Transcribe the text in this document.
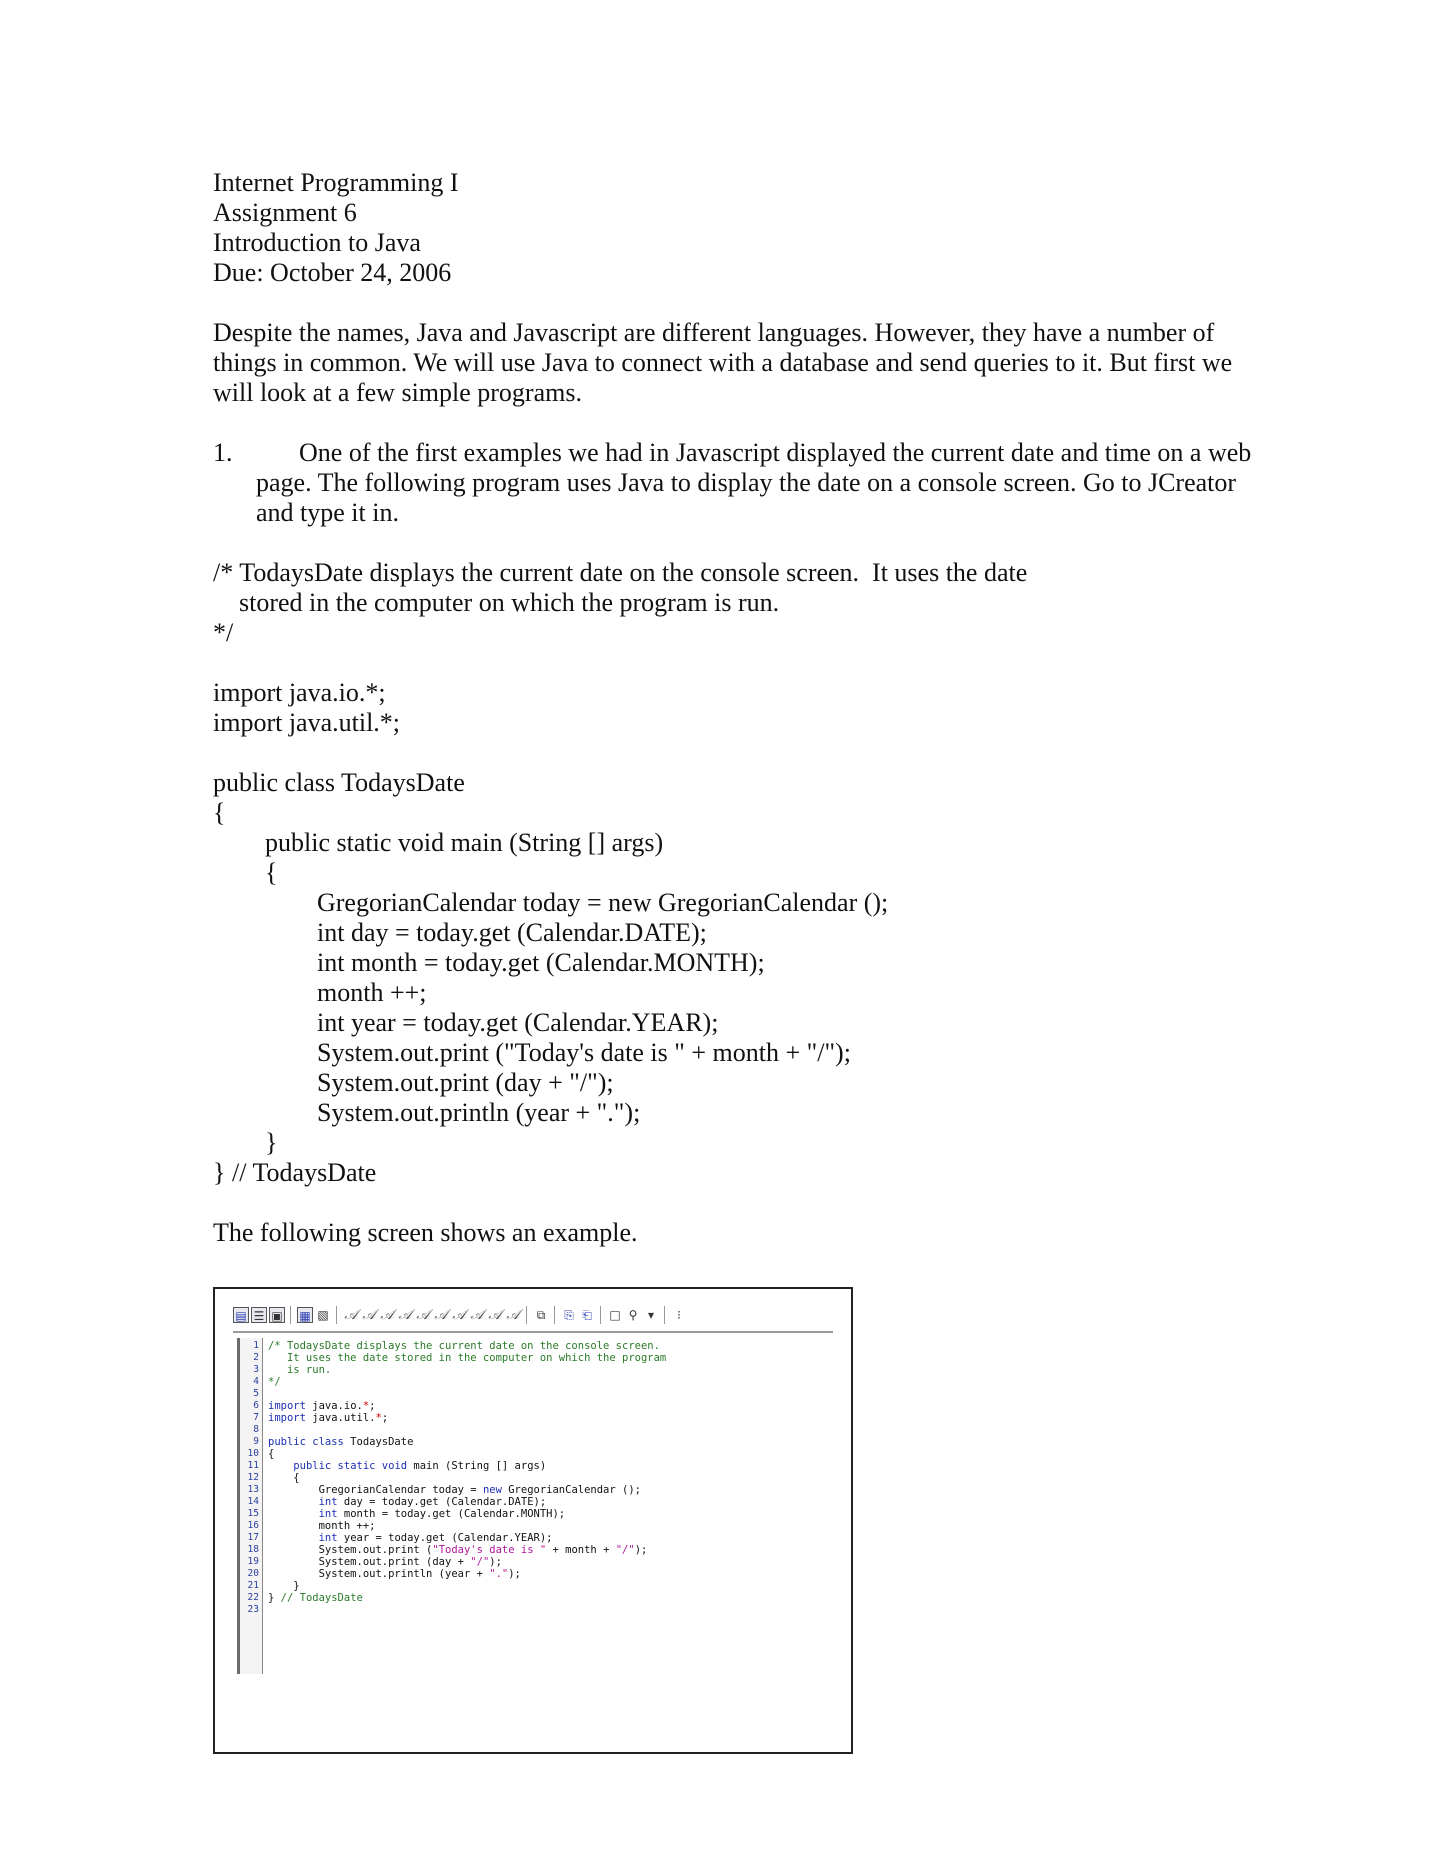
Internet Programming I
Assignment 6
Introduction to Java
Due: October 24, 2006
Despite the names, Java and Javascript are different languages. However, they have a number of things in common. We will use Java to connect with a database and send queries to it. But first we will look at a few simple programs.
1.	One of the first examples we had in Javascript displayed the current date and time on a web page. The following program uses Java to display the date on a console screen. Go to JCreator and type it in.
/* TodaysDate displays the current date on the console screen.  It uses the date
stored in the computer on which the program is run.
*/
import java.io.*;
import java.util.*;
public class TodaysDate
{
public static void main (String [] args)
{
GregorianCalendar today = new GregorianCalendar ();
int day = today.get (Calendar.DATE);
int month = today.get (Calendar.MONTH);
month ++;
int year = today.get (Calendar.YEAR);
System.out.print ("Today's date is " + month + "/");
System.out.print (day + "/");
System.out.println (year + ".");
}
} // TodaysDate
The following screen shows an example.
▤ ☰ ▣ ▦ ▧ 𝒜 𝒜 𝒜 𝒜 𝒜 𝒜 𝒜 𝒜 𝒜 𝒜	⧉	⎘ ⎗ □ ⚲ ▾	⁝
1
2
3
4
5
6
7
8
9
10
11
12
13
14
15
16
17
18
19
20
21
22
23
/* TodaysDate displays the current date on the console screen.
It uses the date stored in the computer on which the program
is run.
*/
import java.io.*;
import java.util.*;
public class TodaysDate
{
public static void main (String [] args)
{
GregorianCalendar today = new GregorianCalendar ();
int day = today.get (Calendar.DATE);
int month = today.get (Calendar.MONTH);
month ++;
int year = today.get (Calendar.YEAR);
System.out.print ("Today's date is " + month + "/");
System.out.print (day + "/");
System.out.println (year + ".");
}
} // TodaysDate
